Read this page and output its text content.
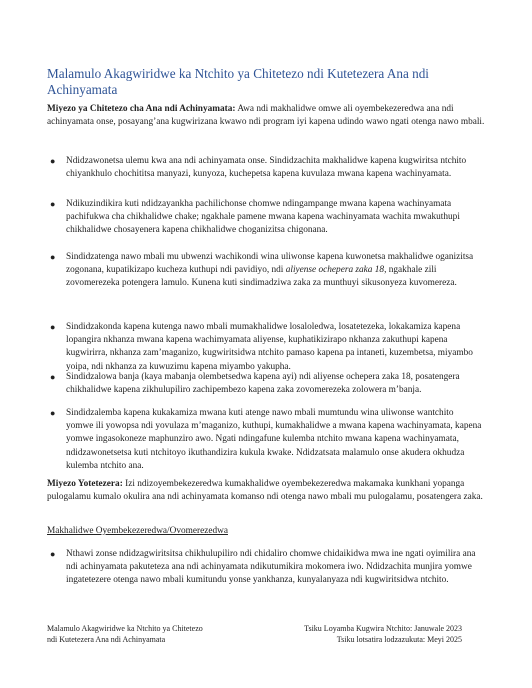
Malamulo Akagwiridwe ka Ntchito ya Chitetezo ndi Kutetezera Ana ndi Achinyamata
Miyezo ya Chitetezo cha Ana ndi Achinyamata: Awa ndi makhalidwe omwe ali oyembekezeredwa ana ndi achinyamata onse, posayang’ana kugwirizana kwawo ndi program iyi kapena udindo wawo ngati otenga nawo mbali.
● Ndidzawonetsa ulemu kwa ana ndi achinyamata onse. Sindidzachita makhalidwe kapena kugwiritsa ntchito chiyankhulo chochititsa manyazi, kunyoza, kuchepetsa kapena kuvulaza mwana kapena wachinyamata.
● Ndikuzindikira kuti ndidzayankha pachilichonse chomwe ndingampange mwana kapena wachinyamata pachifukwa cha chikhalidwe chake; ngakhale pamene mwana kapena wachinyamata wachita mwakuthupi chikhalidwe chosayenera kapena chikhalidwe choganizitsa chigonana.
● Sindidzatenga nawo mbali mu ubwenzi wachikondi wina uliwonse kapena kuwonetsa makhalidwe oganizitsa zogonana, kupatikizapo kucheza kuthupi ndi pavidiyo, ndi aliyense ochepera zaka 18, ngakhale zili zovomerezeka potengera lamulo. Kunena kuti sindimadziwa zaka za munthuyi sikusonyeza kuvomereza.
● Sindidzakonda kapena kutenga nawo mbali mumakhalidwe losaloledwa, losatetezeka, lokakamiza kapena lopangira nkhanza mwana kapena wachimyamata aliyense, kuphatikizirapo nkhanza zakuthupi kapena kugwirirra, nkhanza zam’maganizo, kugwiritsidwa ntchito pamaso kapena pa intaneti, kuzembetsa, miyambo yoipa, ndi nkhanza za kuwuzimu kapena miyambo yakupha.
● Sindidzalowa banja (kaya mabanja olembetsedwa kapena ayi) ndi aliyense ochepera zaka 18, posatengera chikhalidwe kapena zikhulupiliro zachipembezo kapena zaka zovomerezeka zolowera m’banja.
● Sindidzalemba kapena kukakamiza mwana kuti atenge nawo mbali mumtundu wina uliwonse wantchito yomwe ili yowopsa ndi yovulaza m’maganizo, kuthupi, kumakhalidwe a mwana kapena wachinyamata, kapena yomwe ingasokoneze maphunziro awo. Ngati ndingafune kulemba ntchito mwana kapena wachinyamata, ndidzawonetsetsa kuti ntchitoyo ikuthandizira kukula kwake. Ndidzatsata malamulo onse akudera okhudza kulemba ntchito ana.
Miyezo Yotetezera: Izi ndizoyembekezeredwa kumakhalidwe oyembekezeredwa makamaka kunkhani yopanga pulogalamu kumalo okulira ana ndi achinyamata komanso ndi otenga nawo mbali mu pulogalamu, posatengera zaka.
Makhalidwe Oyembekezeredwa/Ovomerezedwa
● Nthawi zonse ndidzagwiritsitsa chikhulupiliro ndi chidaliro chomwe chidaikidwa mwa ine ngati oyimilira ana ndi achinyamata pakuteteza ana ndi achinyamata ndikutumikira mokomera iwo. Ndidzachita munjira yomwe ingatetezere otenga nawo mbali kumitundu yonse yankhanza, kunyalanyaza ndi kugwiritsidwa ntchito.
Malamulo Akagwiridwe ka Ntchito ya Chitetezo
ndi Kutetezera Ana ndi Achinyamata
Tsiku Loyamba Kugwira Ntchito: Januwale 2023
Tsiku lotsatira lodzazukuta: Meyi 2025
